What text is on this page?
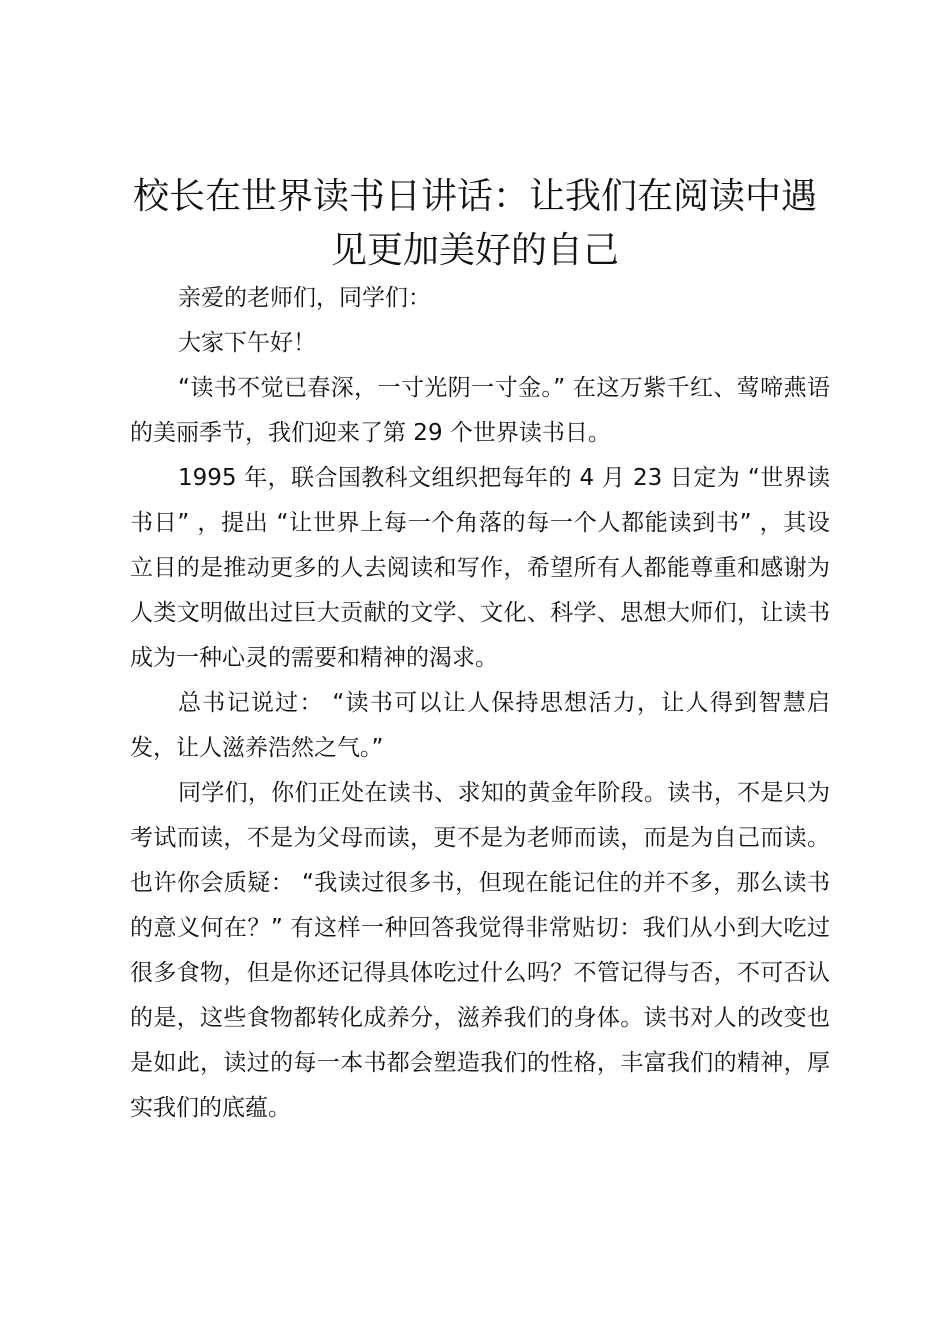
校长在世界读书日讲话：让我们在阅读中遇见更加美好的自己

亲爱的老师们，同学们：

大家下午好！

“读书不觉已春深，一寸光阴一寸金。” 在这万紫千红、莺啼燕语的美丽季节，我们迎来了第 29 个世界读书日。

1995 年，联合国教科文组织把每年的 4 月 23 日定为 “世界读书日” ，提出 “让世界上每一个角落的每一个人都能读到书” ，其设立目的是推动更多的人去阅读和写作，希望所有人都能尊重和感谢为人类文明做出过巨大贡献的文学、文化、科学、思想大师们，让读书成为一种心灵的需要和精神的渴求。

总书记说过： “读书可以让人保持思想活力，让人得到智慧启发，让人滋养浩然之气。”

同学们，你们正处在读书、求知的黄金年阶段。读书，不是只为考试而读，不是为父母而读，更不是为老师而读，而是为自己而读。也许你会质疑： “我读过很多书，但现在能记住的并不多，那么读书的意义何在？” 有这样一种回答我觉得非常贴切：我们从小到大吃过很多食物，但是你还记得具体吃过什么吗？不管记得与否，不可否认的是，这些食物都转化成养分，滋养我们的身体。读书对人的改变也是如此，读过的每一本书都会塑造我们的性格，丰富我们的精神，厚实我们的底蕴。
